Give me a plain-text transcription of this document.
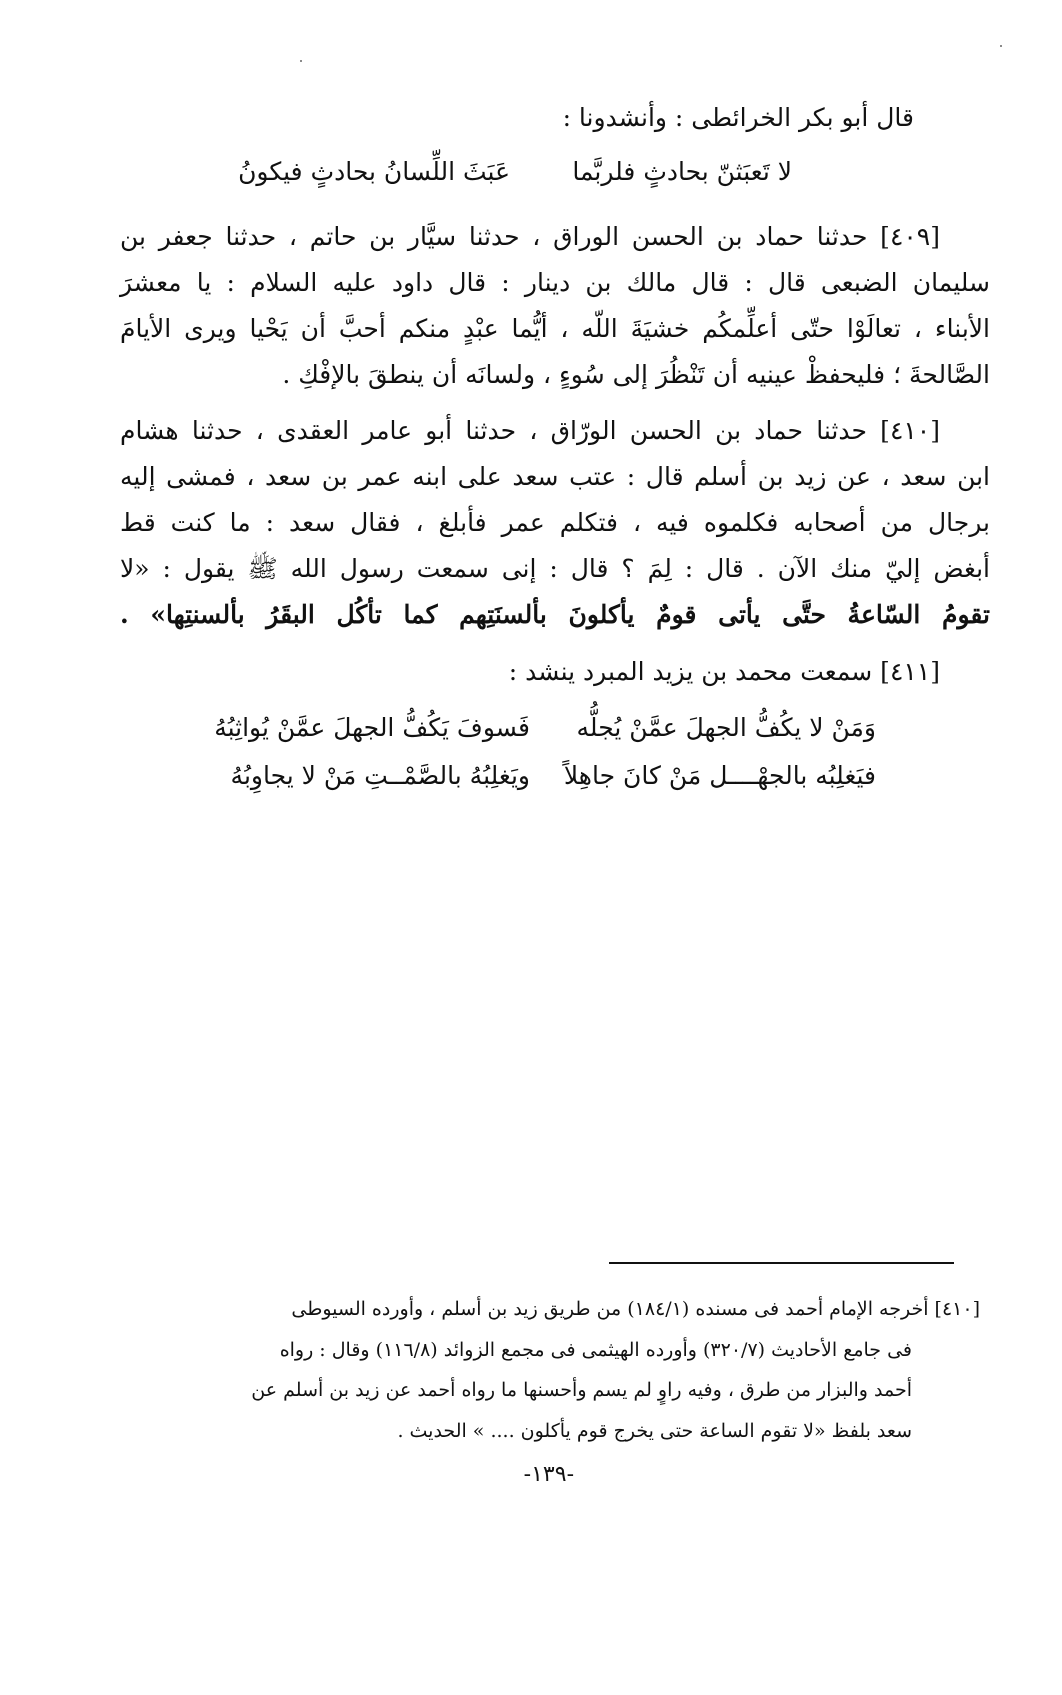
قال أبو بكر الخرائطى : وأنشدونا :
لا تَعبَثنّ بحادثٍ فلربَّما
عَبَثَ اللِّسانُ بحادثٍ فيكونُ
[٤٠٩] حدثنا حماد بن الحسن الوراق ، حدثنا سيَّار بن حاتم ، حدثنا جعفر بن
سليمان الضبعى قال : قال مالك بن دينار : قال داود عليه السلام : يا معشرَ
الأبناء ، تعالَوْا حتّى أعلِّمكُم خشيَةَ اللّه ، أيُّما عبْدٍ منكم أحبَّ أن يَحْيا ويرى الأيامَ
الصَّالحةَ ؛ فليحفظْ عينيه أن تَنْظُرَ إلى سُوءٍ ، ولسانَه أن ينطقَ بالإفْكِ .
[٤١٠] حدثنا حماد بن الحسن الورّاق ، حدثنا أبو عامر العقدى ، حدثنا هشام
ابن سعد ، عن زيد بن أسلم قال : عتب سعد على ابنه عمر بن سعد ، فمشى إليه
برجال من أصحابه فكلموه فيه ، فتكلم عمر فأبلغ ، فقال سعد : ما كنت قط
أبغض إليّ منك الآن . قال : لِمَ ؟ قال : إنى سمعت رسول الله ﷺ يقول : «لا
تقومُ السّاعةُ حتَّى يأتى قومٌ يأكلونَ بألسنَتِهم كما تأكُل البقَرُ بألسنتِها» .
[٤١١] سمعت محمد بن يزيد المبرد ينشد :
وَمَنْ لا يكُفُّ الجهلَ عمَّنْ يُجلُّه
فَسوفَ يَكُفُّ الجهلَ عمَّنْ يُواثِبُهُ
فيَغلِبُه بالجهْــــل مَنْ كانَ جاهِلاً
ويَغلِبُهُ بالصَّمْــتِ مَنْ لا يجاوِبُهُ
[٤١٠] أخرجه الإمام أحمد فى مسنده (١٨٤/١) من طريق زيد بن أسلم ، وأورده السيوطى
فى جامع الأحاديث (٣٢٠/٧) وأورده الهيثمى فى مجمع الزوائد (١١٦/٨) وقال : رواه
أحمد والبزار من طرق ، وفيه راوٍ لم يسم وأحسنها ما رواه أحمد عن زيد بن أسلم عن
سعد بلفظ «لا تقوم الساعة حتى يخرج قوم يأكلون .... » الحديث .
-١٣٩-
